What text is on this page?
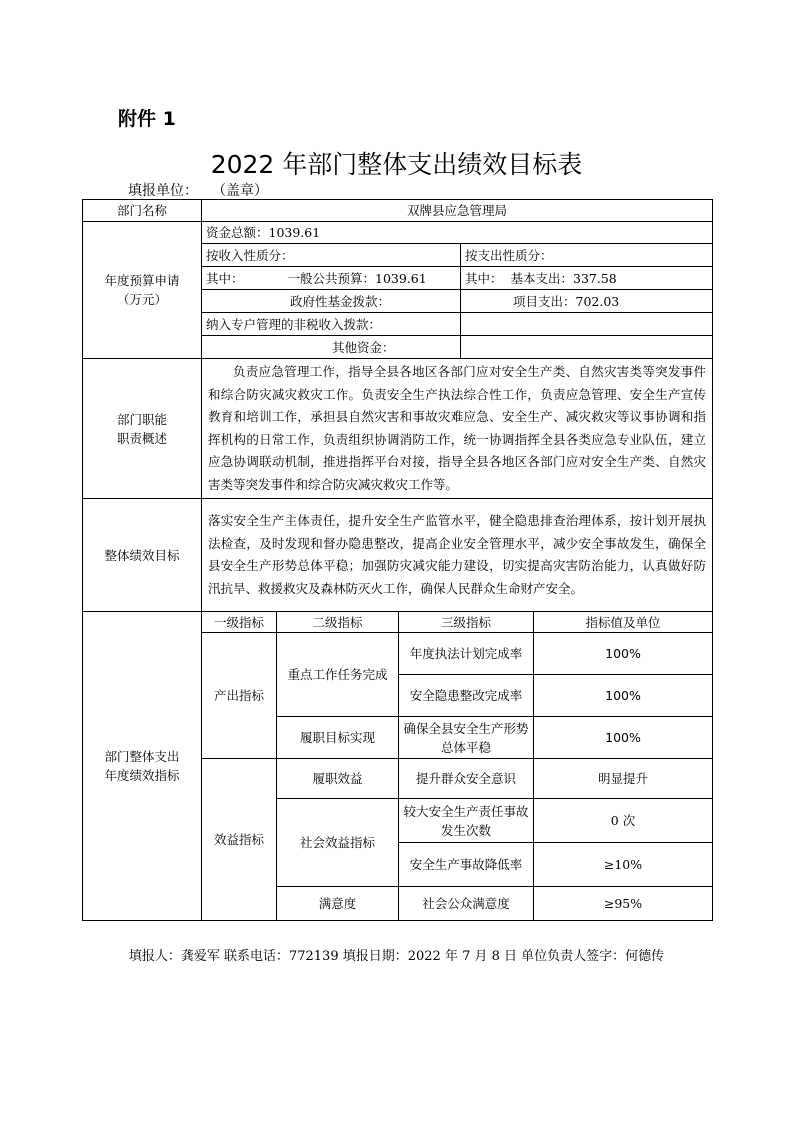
附件 1
2022 年部门整体支出绩效目标表
填报单位： （盖章）
部门名称	双牌县应急管理局				

年度预算申请
（万元）	资金总额：1039.61				
	按收入性质分：			按支出性质分：	
	其中： 一般公共预算：1039.61			其中： 基本支出：337.58	
	政府性基金拨款：			项目支出：702.03	
	纳入专户管理的非税收入拨款：				
	其他资金：				

部门职能
职责概述	负责应急管理工作，指导全县各地区各部门应对安全生产类、自然灾害类等突发事件和综合防灾减灾救灾工作。负责安全生产执法综合性工作，负责应急管理、安全生产宣传教育和培训工作，承担县自然灾害和事故灾难应急、安全生产、减灾救灾等议事协调和指挥机构的日常工作，负责组织协调消防工作，统一协调指挥全县各类应急专业队伍，建立应急协调联动机制，推进指挥平台对接，指导全县各地区各部门应对安全生产类、自然灾害类等突发事件和综合防灾减灾救灾工作等。				
整体绩效目标	落实安全生产主体责任，提升安全生产监管水平，健全隐患排查治理体系，按计划开展执法检查，及时发现和督办隐患整改，提高企业安全管理水平，减少安全事故发生，确保全县安全生产形势总体平稳；加强防灾减灾能力建设，切实提高灾害防治能力，认真做好防汛抗旱、救援救灾及森林防灭火工作，确保人民群众生命财产安全。				

部门整体支出
年度绩效指标	一级指标	二级指标	三级指标		指标值及单位
	产出指标	重点工作任务完成	年度执法计划完成率		100%
			安全隐患整改完成率		100%
		履职目标实现	确保全县安全生产形势总体平稳		100%
	效益指标	履职效益	提升群众安全意识		明显提升
		社会效益指标	较大安全生产责任事故发生次数		0 次
			安全生产事故降低率		≥10%
		满意度	社会公众满意度		≥95%
填报人：龚爱军 联系电话：772139 填报日期：2022 年 7 月 8 日 单位负责人签字：何德传
